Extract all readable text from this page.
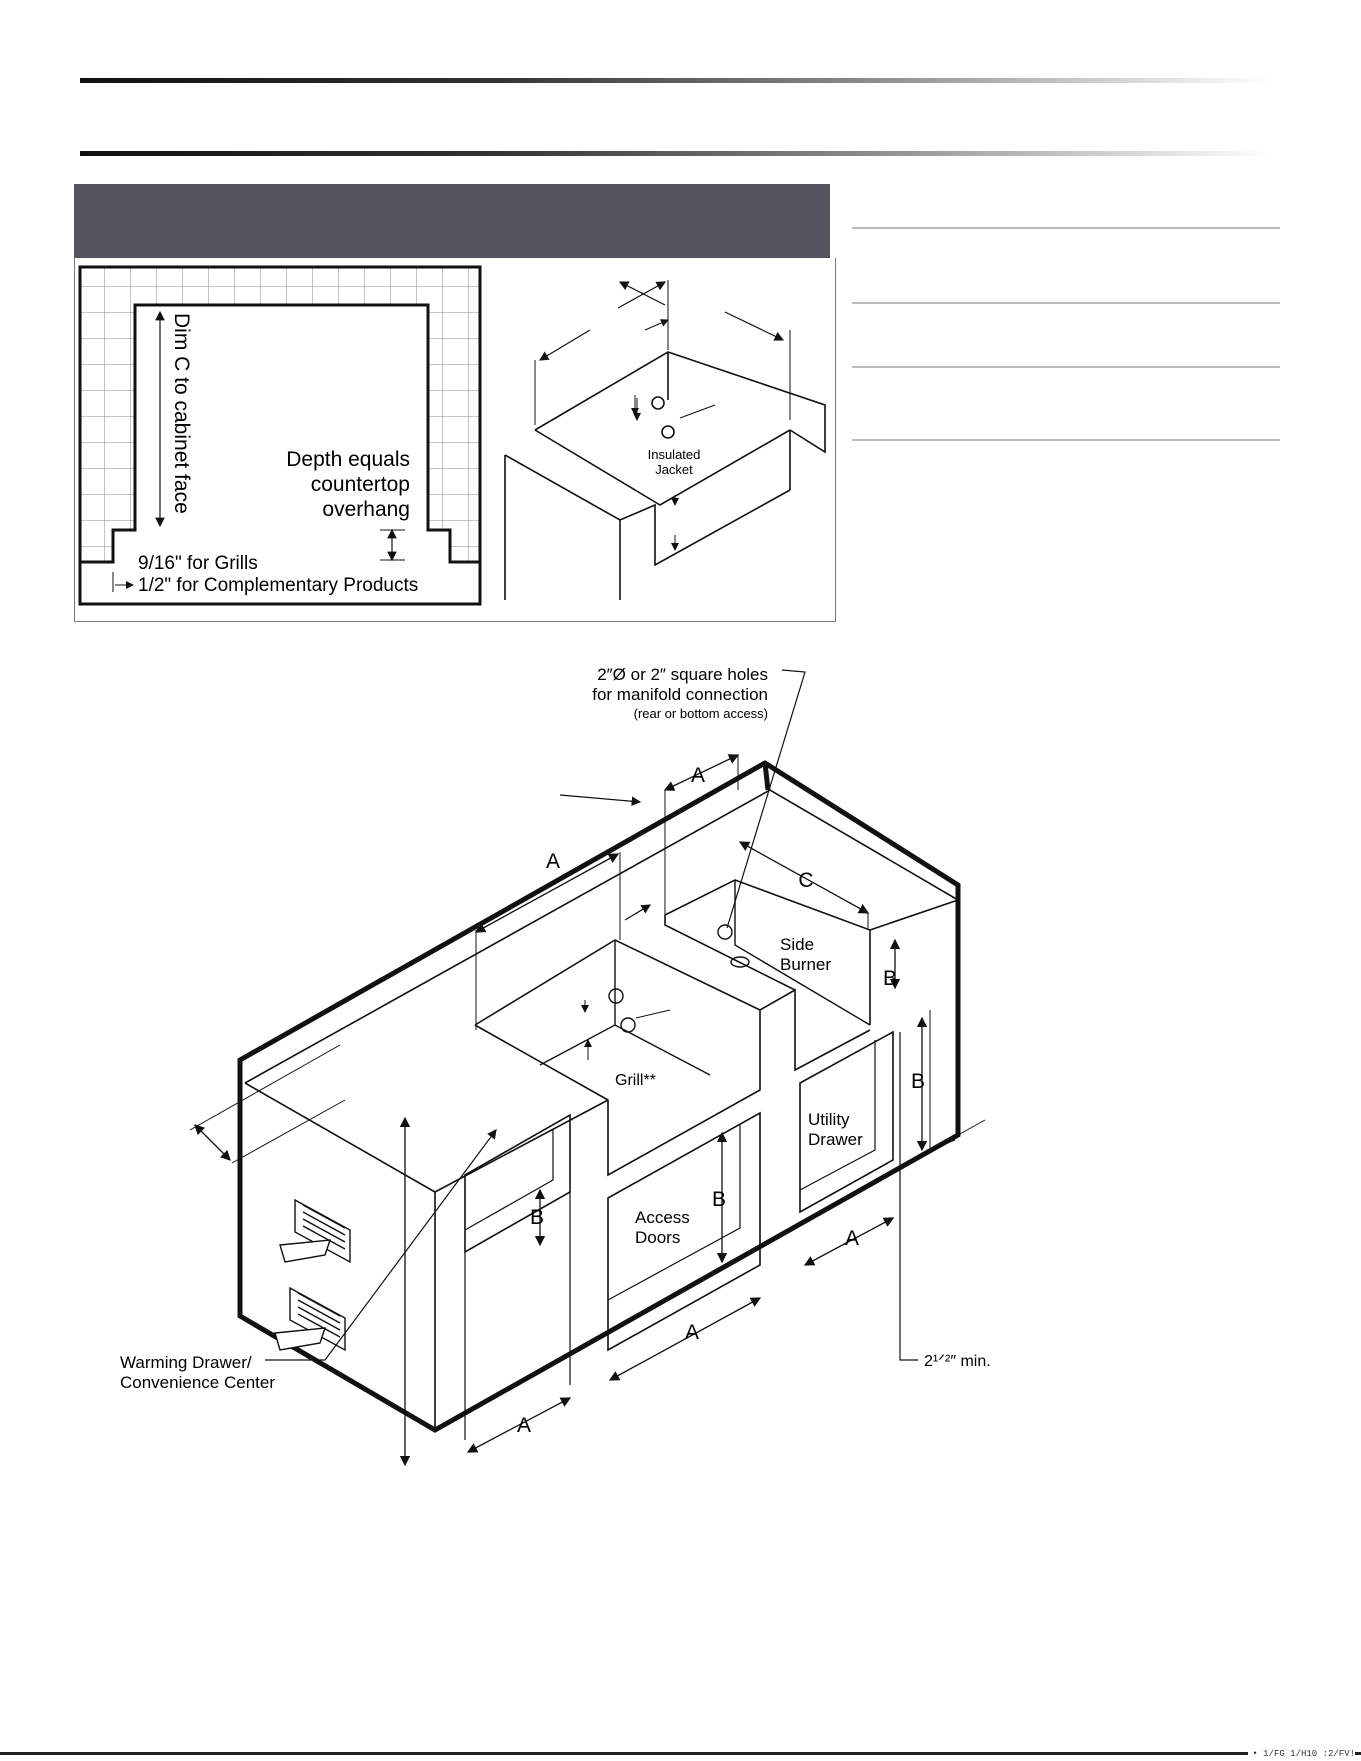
Dim C to cabinet face	Depth equals
countertop
overhang
9/16" for Grills
1/2" for Complementary Products
Insulated
Jacket
2″Ø or 2″ square holes
for manifold connection
(rear or bottom access)
A
A
C
B
B
B
B
A
A
A
Side
Burner
Grill**
Utility
Drawer
Access
Doors
Warming Drawer/
Convenience Center
2¹ᐟ²″ min.
• 1/FG 1/H10 :2/FV!
